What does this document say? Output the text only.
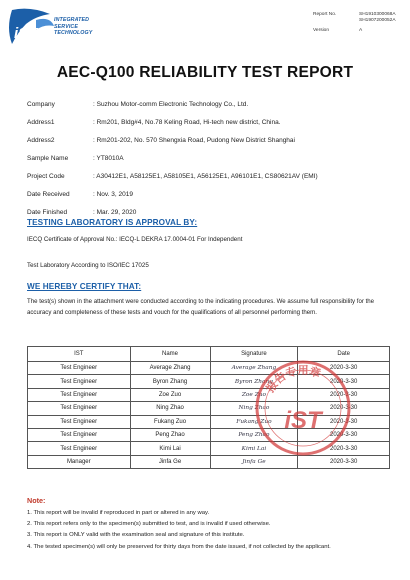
iST
INTEGRATED
SERVICE
TECHNOLOGY
Report No.	SH1910300068A
SH1907200052A
Version	A
AEC-Q100 RELIABILITY TEST REPORT
Company	: Suzhou Motor-comm Electronic Technology Co., Ltd.
Address1	: Rm201, Bldg#4, No.78 Keling Road, Hi-tech new district, China.
Address2	: Rm201-202, No. 570 Shengxia Road, Pudong New District Shanghai
Sample Name	: YT8010A
Project Code	: A30412E1, A58125E1, A58105E1, A56125E1, A96101E1, CS80621AV (EMI)
Date Received	: Nov. 3, 2019
Date Finished	: Mar. 29, 2020
TESTING LABORATORY IS APPROVAL BY:
IECQ Certificate of Approval No.: IECQ-L DEKRA 17.0004-01 For Independent
Test Laboratory According to ISO/IEC 17025
WE HEREBY CERTIFY THAT:
The test(s) shown in the attachment were conducted according to the indicating procedures. We assume full responsibility for the accuracy and completeness of these tests and vouch for the qualifications of all personnel performing them.
IST	Name	Signature	Date
Test Engineer	Average Zhang	Average Zhang	2020-3-30
Test Engineer	Byron Zhang	Byron Zhang	2020-3-30
Test Engineer	Zoe Zuo	Zoe Zuo	2020-3-30
Test Engineer	Ning Zhao	Ning Zhao	2020-3-30
Test Engineer	Fukang Zuo	Fukang Zuo	2020-3-30
Test Engineer	Peng Zhao	Peng Zhao	2020-3-30
Test Engineer	Kimi Lai	Kimi Lai	2020-3-30
Manager	Jinfa Ge	Jinfa Ge	2020-3-30
报告专用章
iST
Note:
1. This report will be invalid if reproduced in part or altered in any way.
2. This report refers only to the specimen(s) submitted to test, and is invalid if used otherwise.
3. This report is ONLY valid with the examination seal and signature of this institute.
4. The tested specimen(s) will only be preserved for thirty days from the date issued, if not collected by the applicant.
